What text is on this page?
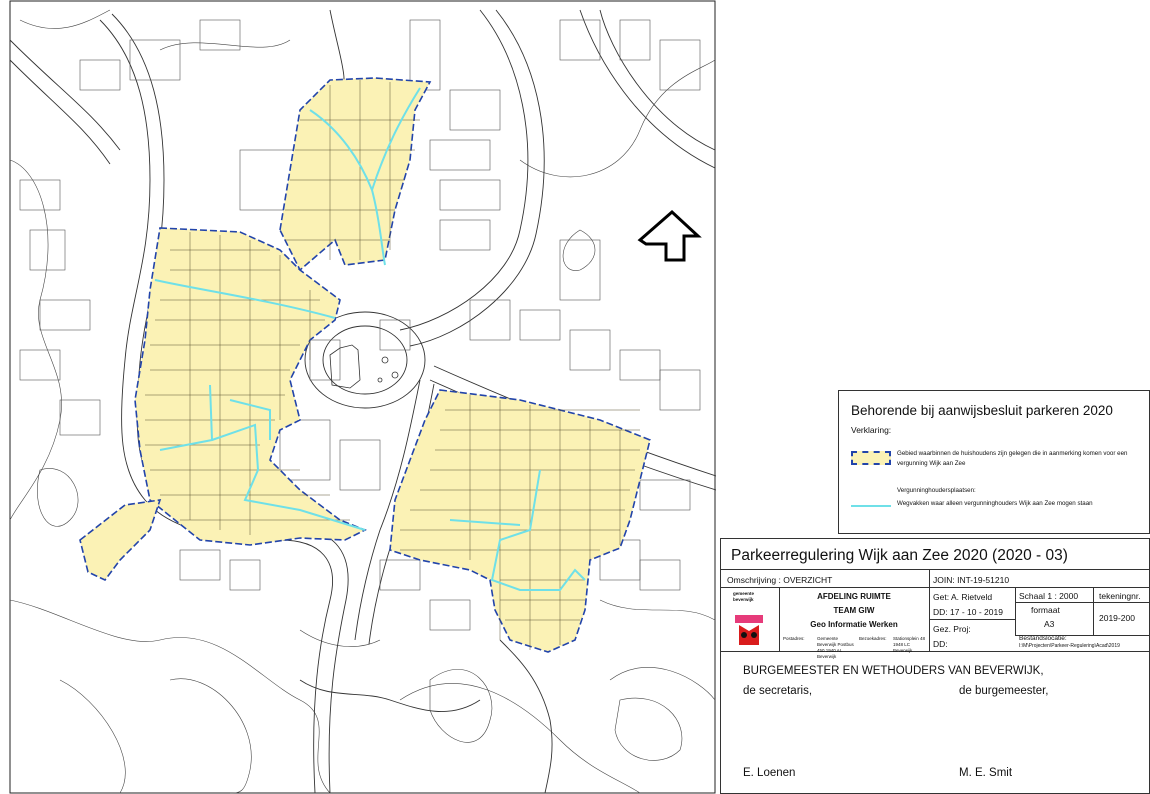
Behorende bij aanwijsbesluit parkeren 2020
Verklaring:
Gebied waarbinnen de huishoudens zijn gelegen die in aanmerking komen voor een vergunning Wijk aan Zee
Vergunninghoudersplaatsen:
Wegvakken waar alleen vergunninghouders Wijk aan Zee mogen staan
Parkeerregulering Wijk aan Zee 2020 (2020 - 03)
Omschrijving : OVERZICHT	JOIN: INT-19-51210
gemeente beverwijk	AFDELING RUIMTE
TEAM GIW
Geo Informatie Werken
Postadres:	Gemeente Beverwijk Postbus 450 1940 AL Beverwijk
Bezoekadres:	Stationsplein 48 1948 LC Beverwijk
Get: A. Rietveld
DD: 17 - 10 - 2019
Gez. Proj:
DD:
Schaal 1 : 2000
formaat
A3
tekeningnr.
2019-200
Bestandslocatie:
I:\M\Projecten\Parkeer-Regulering\Acad\2019
BURGEMEESTER EN WETHOUDERS VAN BEVERWIJK,
de secretaris,	de burgemeester,
E. Loenen	M. E. Smit
